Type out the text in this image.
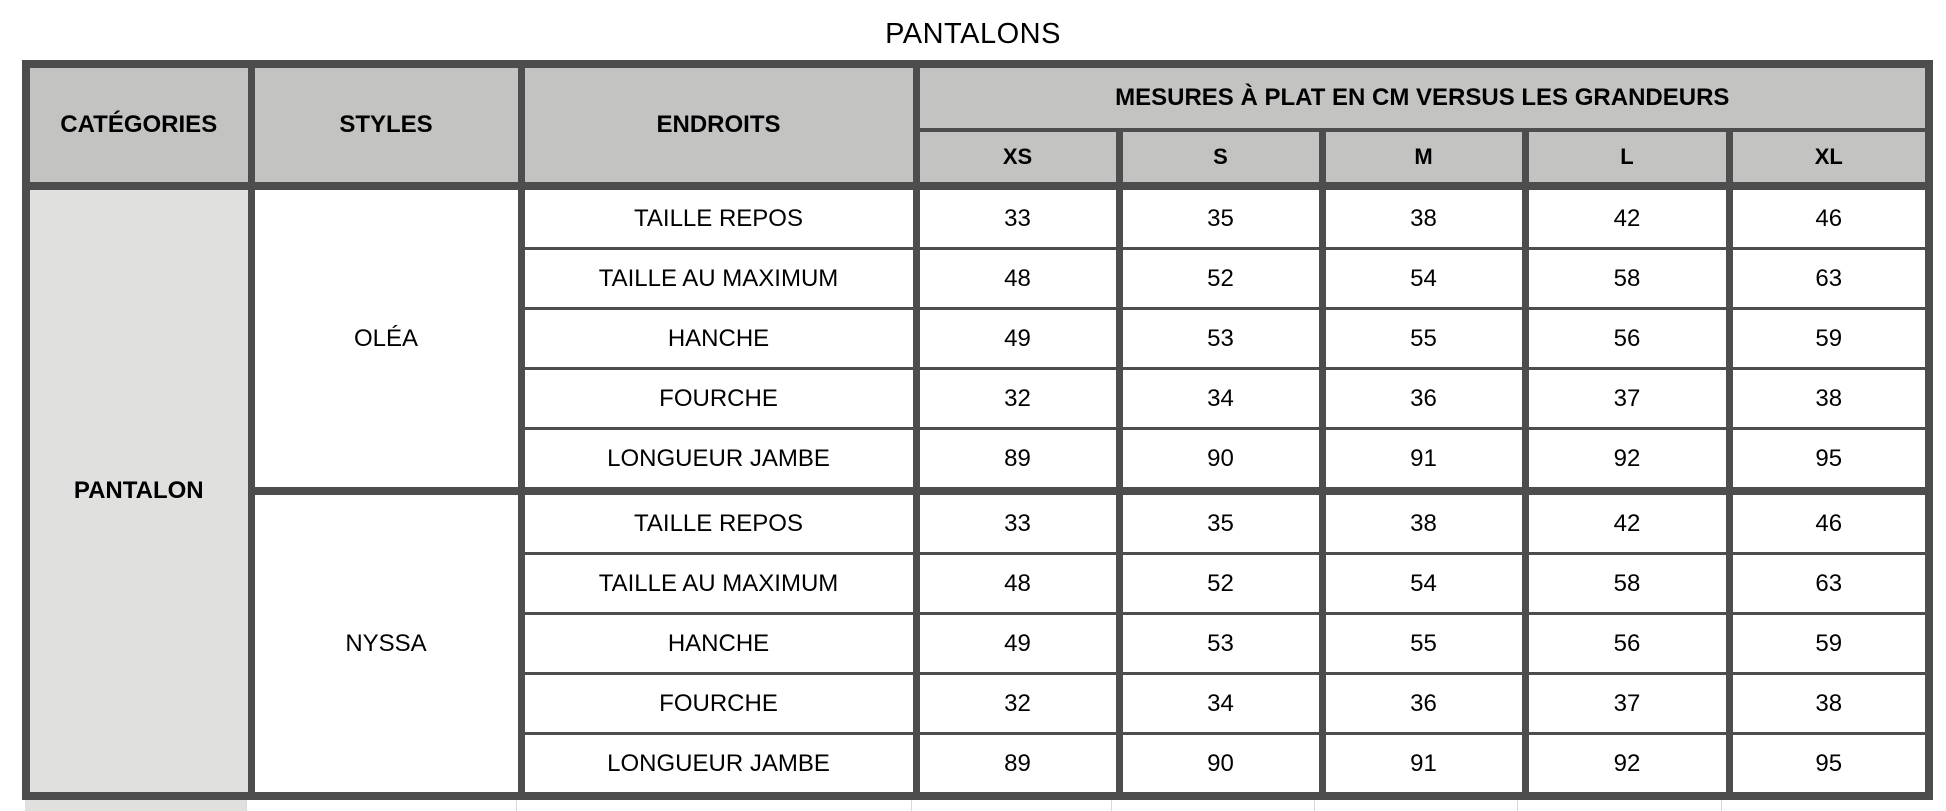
PANTALONS
CATÉGORIES	STYLES	ENDROITS	MESURES À PLAT EN CM VERSUS LES GRANDEURS				
			XS	S	M	L	XL
PANTALON	OLÉA	TAILLE REPOS	33	35	38	42	46
		TAILLE AU MAXIMUM	48	52	54	58	63
		HANCHE	49	53	55	56	59
		FOURCHE	32	34	36	37	38
		LONGUEUR JAMBE	89	90	91	92	95
	NYSSA	TAILLE REPOS	33	35	38	42	46
		TAILLE AU MAXIMUM	48	52	54	58	63
		HANCHE	49	53	55	56	59
		FOURCHE	32	34	36	37	38
		LONGUEUR JAMBE	89	90	91	92	95
